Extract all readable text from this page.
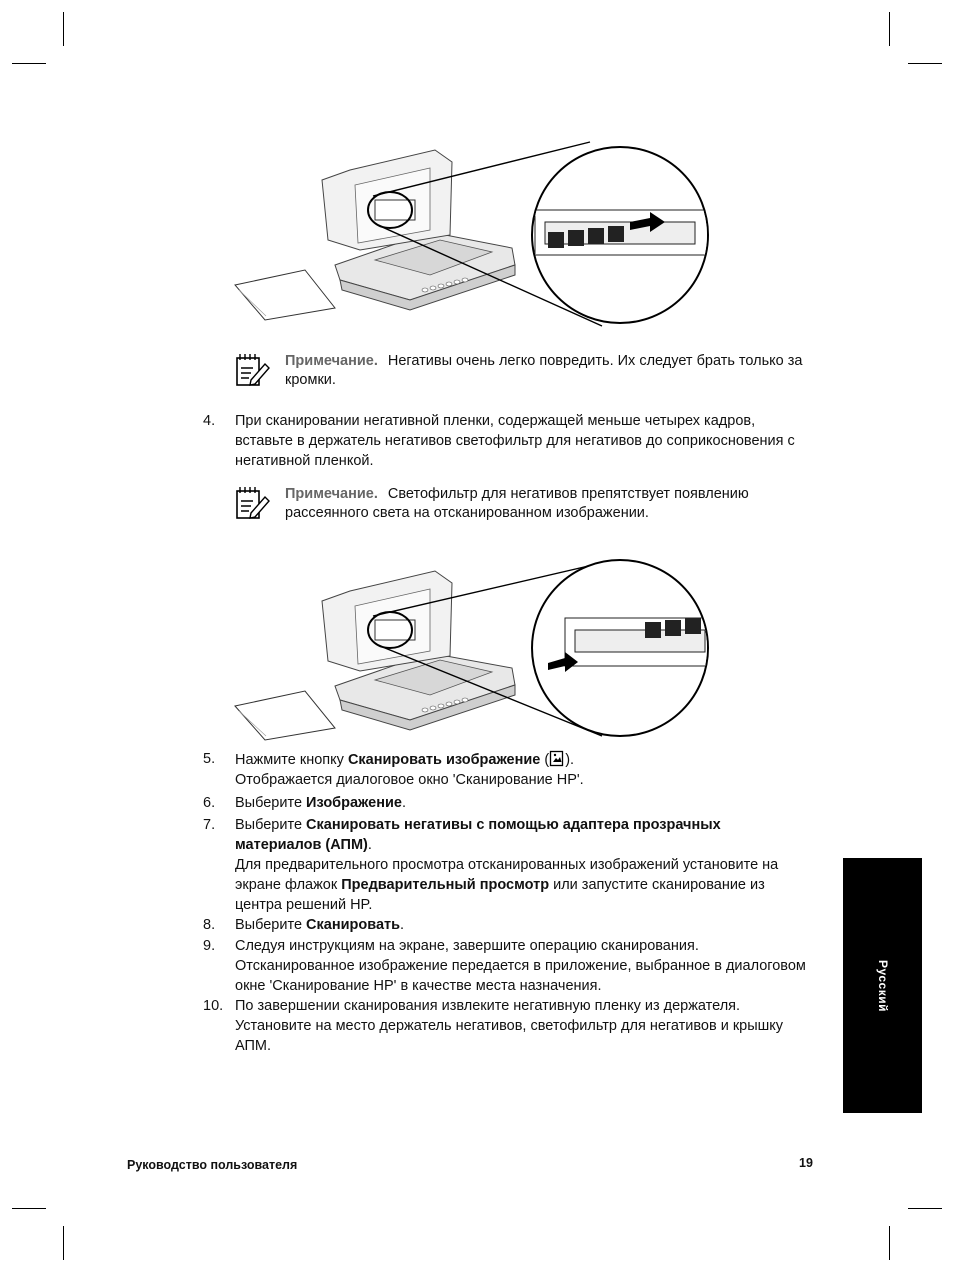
Примечание. Негативы очень легко повредить. Их следует брать только за кромки.
4. При сканировании негативной пленки, содержащей меньше четырех кадров, вставьте в держатель негативов светофильтр для негативов до соприкосновения с негативной пленкой.
Примечание. Светофильтр для негативов препятствует появлению рассеянного света на отсканированном изображении.
5. Нажмите кнопку Сканировать изображение ( ).
Отображается диалоговое окно 'Сканирование HP'.
6. Выберите Изображение.
7. Выберите Сканировать негативы с помощью адаптера прозрачных материалов (АПМ).
Для предварительного просмотра отсканированных изображений установите на экране флажок Предварительный просмотр или запустите сканирование из центра решений HP.
8. Выберите Сканировать.
9. Следуя инструкциям на экране, завершите операцию сканирования.
Отсканированное изображение передается в приложение, выбранное в диалоговом окне 'Сканирование HP' в качестве места назначения.
10. По завершении сканирования извлеките негативную пленку из держателя. Установите на место держатель негативов, светофильтр для негативов и крышку АПМ.
Русский
Руководство пользователя	19
